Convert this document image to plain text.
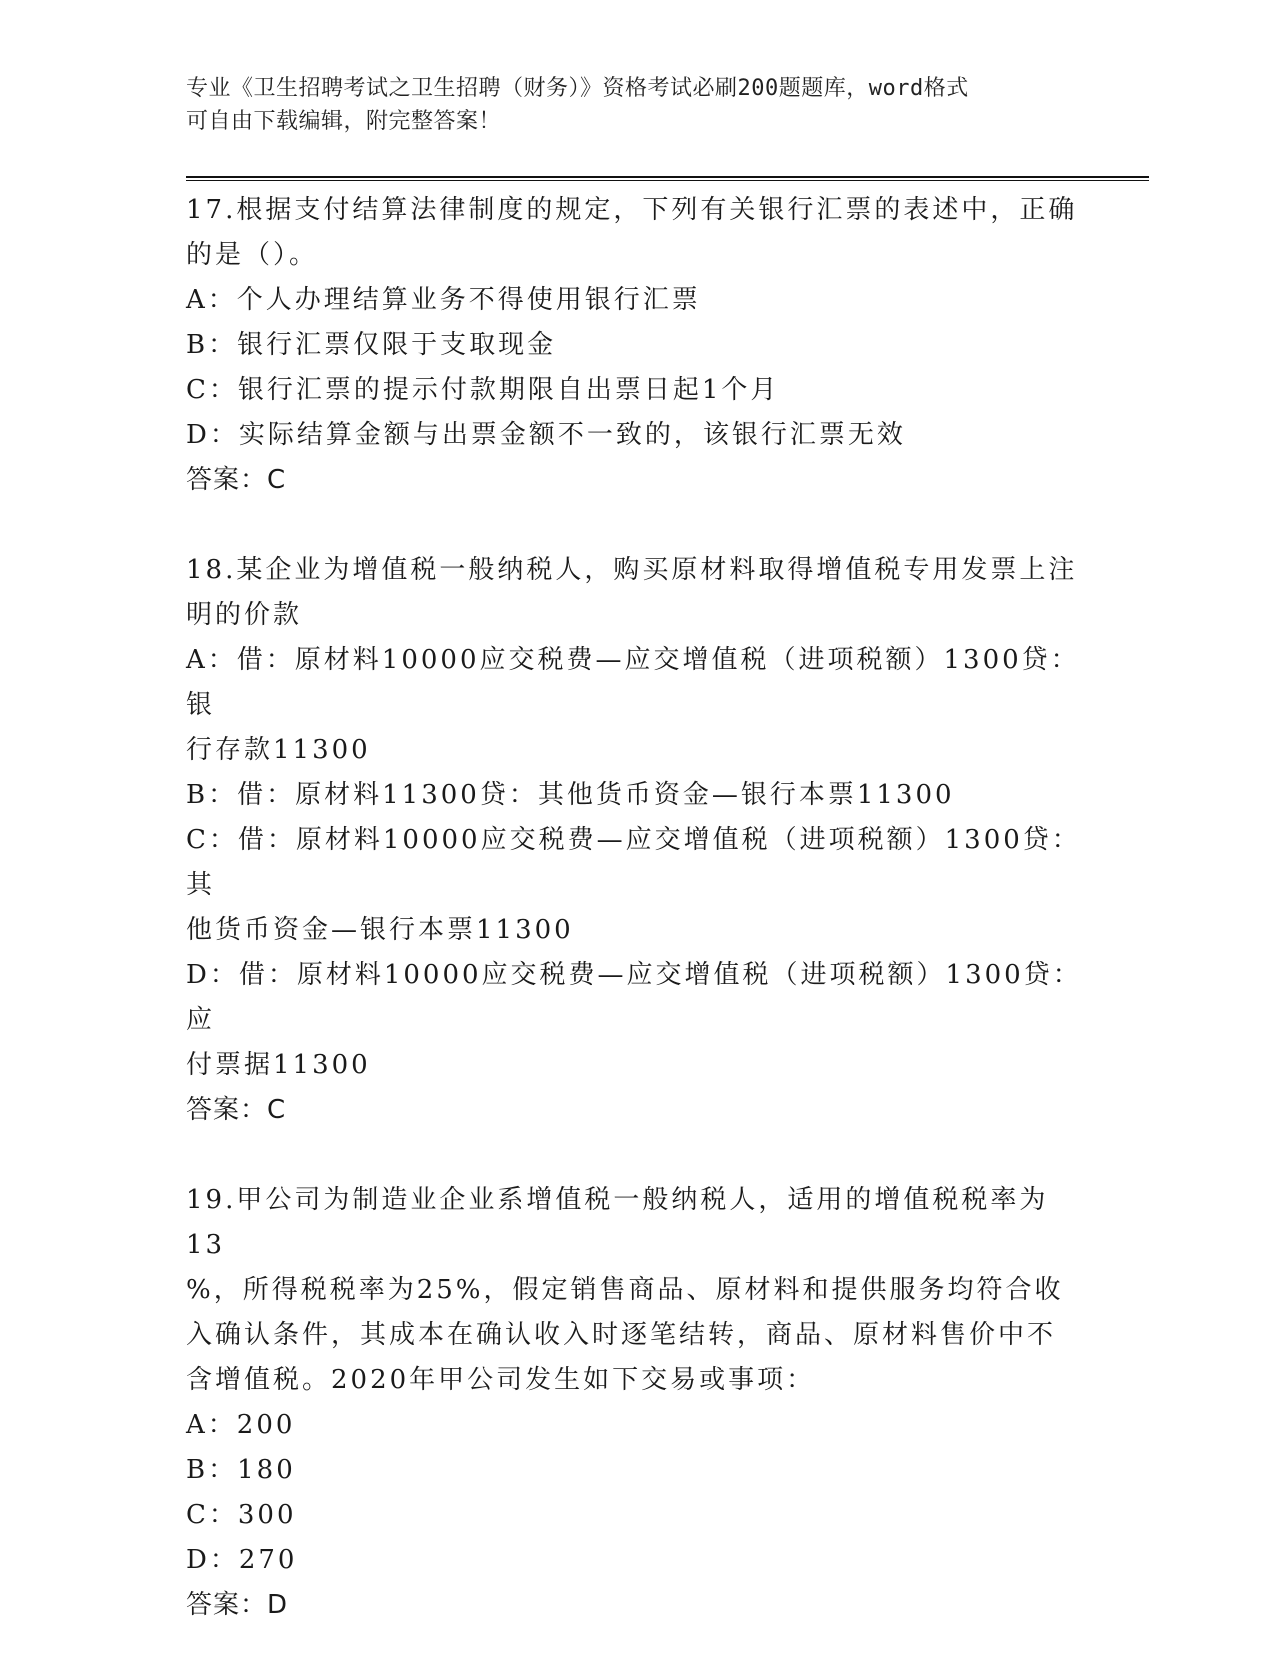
专业《卫生招聘考试之卫生招聘（财务）》资格考试必刷200题题库，word格式
可自由下载编辑，附完整答案！
17.根据支付结算法律制度的规定，下列有关银行汇票的表述中，正确
的是（）。
A：个人办理结算业务不得使用银行汇票
B：银行汇票仅限于支取现金
C：银行汇票的提示付款期限自出票日起1个月
D：实际结算金额与出票金额不一致的，该银行汇票无效
答案：C
18.某企业为增值税一般纳税人，购买原材料取得增值税专用发票上注
明的价款
A：借：原材料10000应交税费—应交增值税（进项税额）1300贷：银
行存款11300
B：借：原材料11300贷：其他货币资金—银行本票11300
C：借：原材料10000应交税费—应交增值税（进项税额）1300贷：其
他货币资金—银行本票11300
D：借：原材料10000应交税费—应交增值税（进项税额）1300贷：应
付票据11300
答案：C
19.甲公司为制造业企业系增值税一般纳税人，适用的增值税税率为13
%，所得税税率为25%，假定销售商品、原材料和提供服务均符合收
入确认条件，其成本在确认收入时逐笔结转，商品、原材料售价中不
含增值税。2020年甲公司发生如下交易或事项：
A：200
B：180
C：300
D：270
答案：D
